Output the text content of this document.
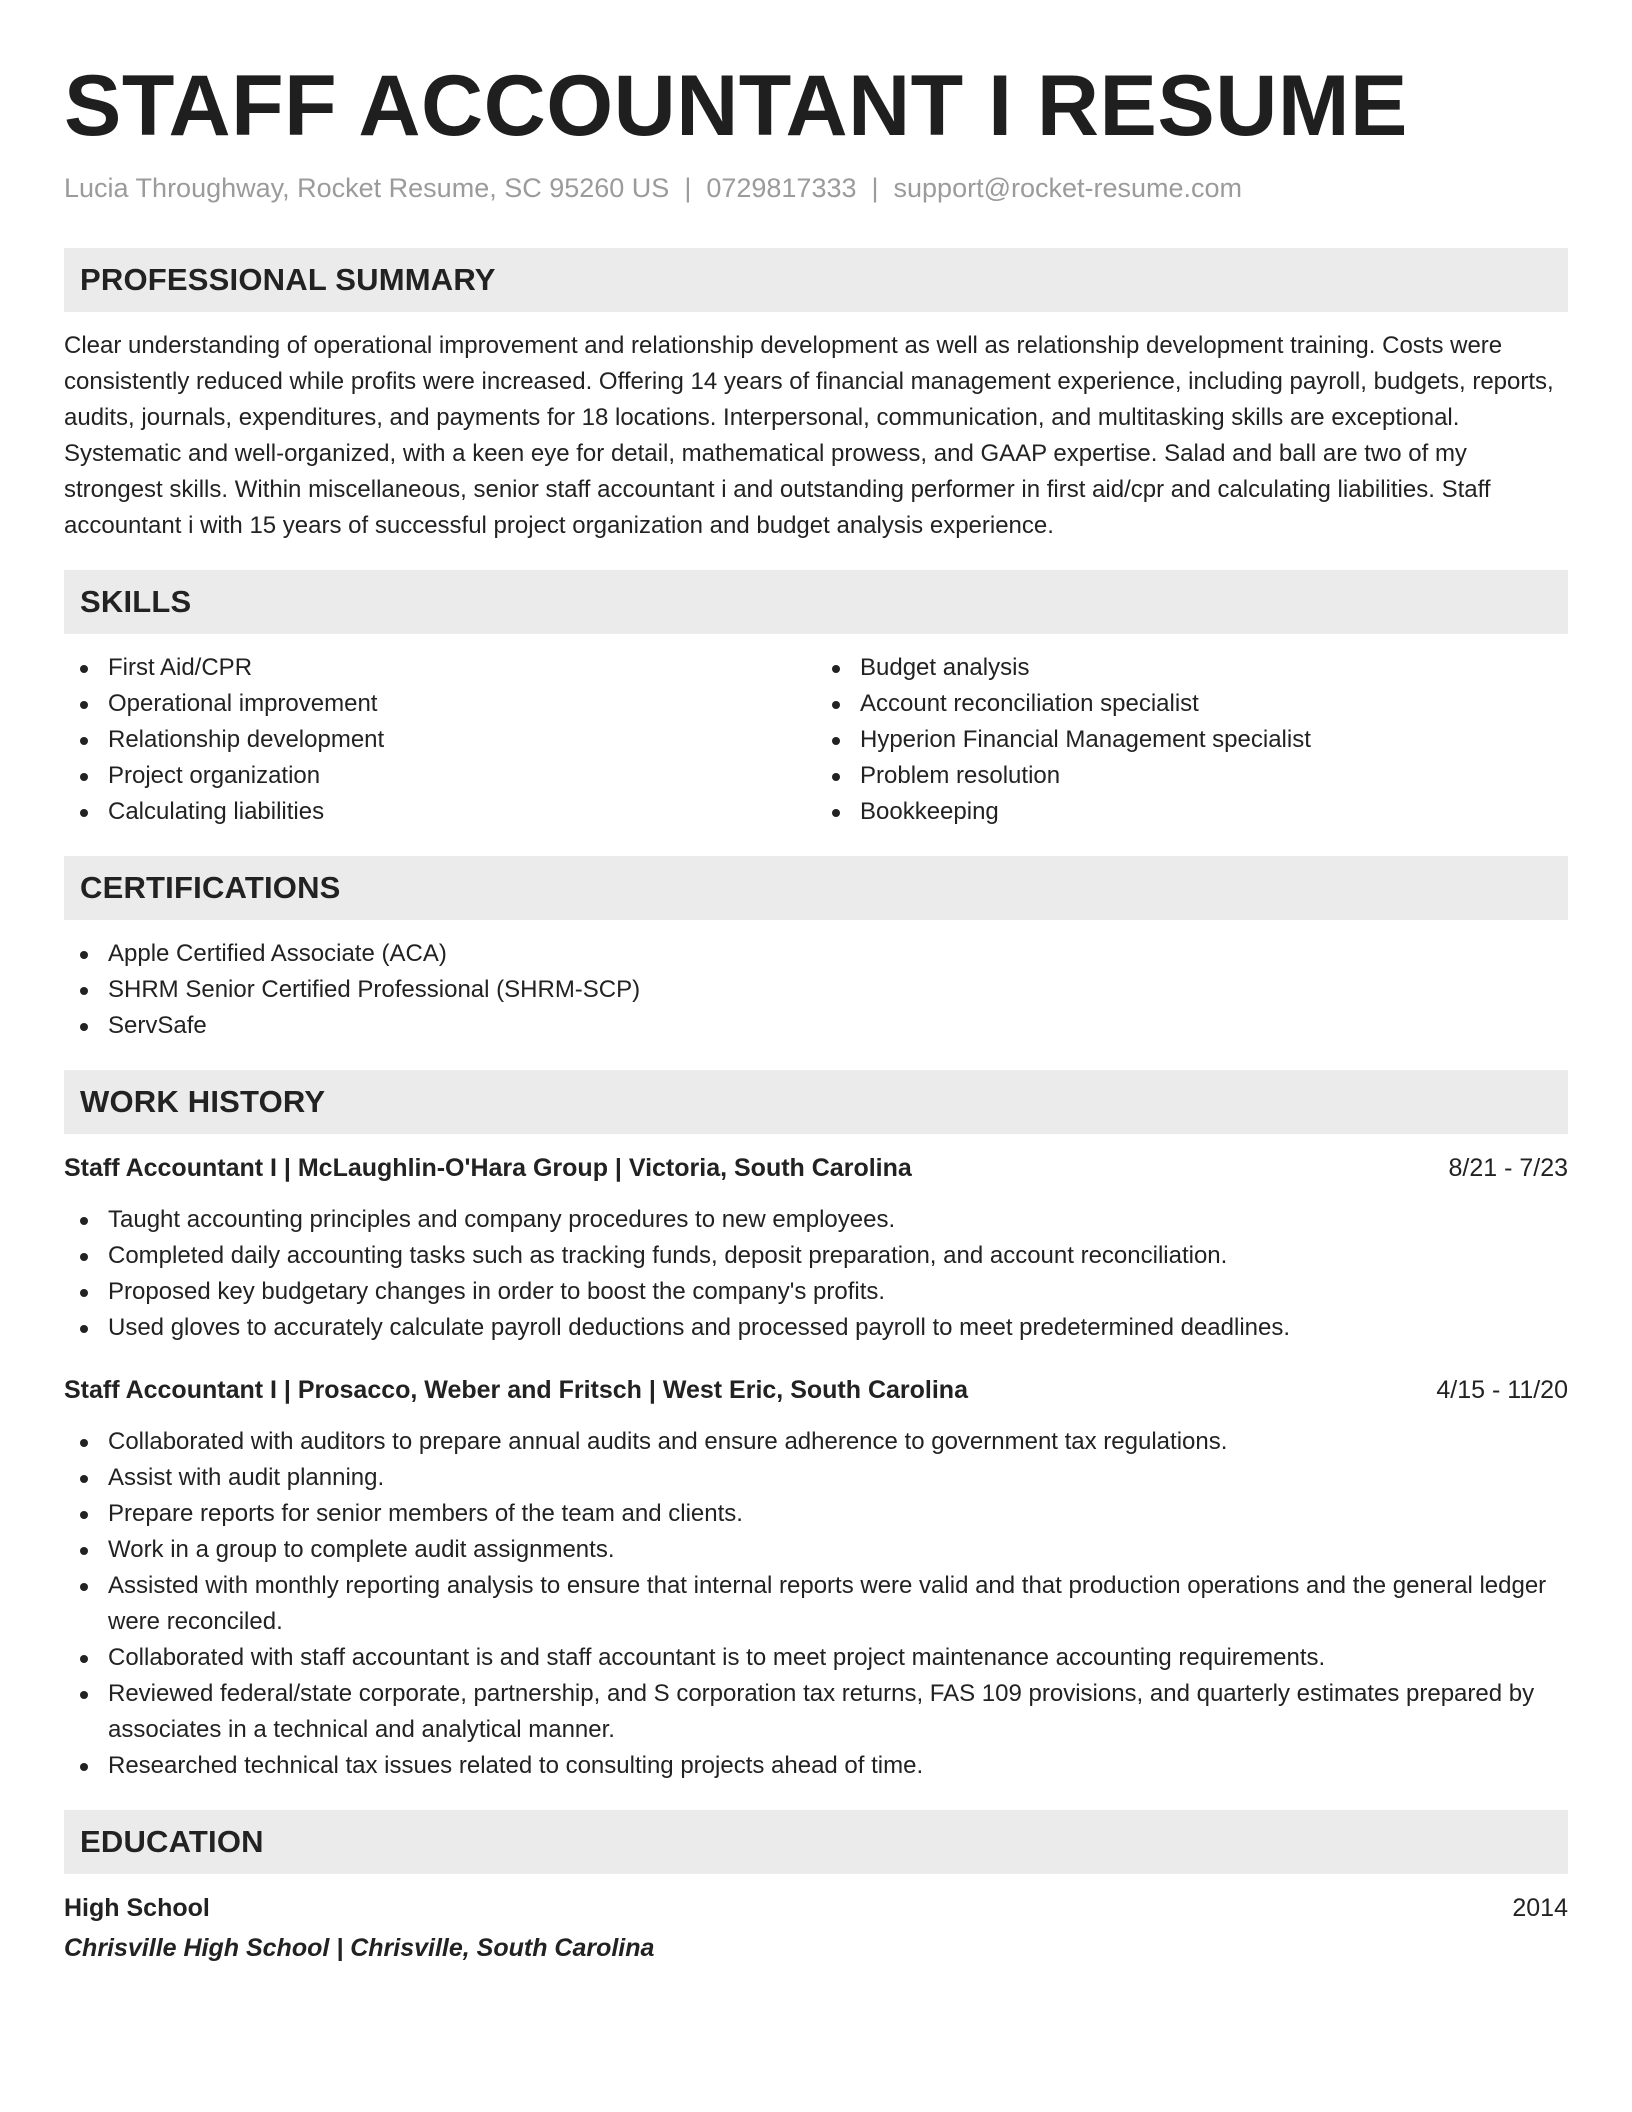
STAFF ACCOUNTANT I RESUME
Lucia Throughway, Rocket Resume, SC 95260 US | 0729817333 | support@rocket-resume.com
PROFESSIONAL SUMMARY

Clear understanding of operational improvement and relationship development as well as relationship development training. Costs were consistently reduced while profits were increased. Offering 14 years of financial management experience, including payroll, budgets, reports, audits, journals, expenditures, and payments for 18 locations. Interpersonal, communication, and multitasking skills are exceptional. Systematic and well-organized, with a keen eye for detail, mathematical prowess, and GAAP expertise. Salad and ball are two of my strongest skills. Within miscellaneous, senior staff accountant i and outstanding performer in first aid/cpr and calculating liabilities. Staff accountant i with 15 years of successful project organization and budget analysis experience.

SKILLS
First Aid/CPR
Operational improvement
Relationship development
Project organization
Calculating liabilities
Budget analysis
Account reconciliation specialist
Hyperion Financial Management specialist
Problem resolution
Bookkeeping
CERTIFICATIONS
Apple Certified Associate (ACA)
SHRM Senior Certified Professional (SHRM-SCP)
ServSafe
WORK HISTORY
Staff Accountant I | McLaughlin-O'Hara Group | Victoria, South Carolina	8/21 - 7/23
Taught accounting principles and company procedures to new employees.
Completed daily accounting tasks such as tracking funds, deposit preparation, and account reconciliation.
Proposed key budgetary changes in order to boost the company's profits.
Used gloves to accurately calculate payroll deductions and processed payroll to meet predetermined deadlines.
Staff Accountant I | Prosacco, Weber and Fritsch | West Eric, South Carolina	4/15 - 11/20
Collaborated with auditors to prepare annual audits and ensure adherence to government tax regulations.
Assist with audit planning.
Prepare reports for senior members of the team and clients.
Work in a group to complete audit assignments.
Assisted with monthly reporting analysis to ensure that internal reports were valid and that production operations and the general ledger were reconciled.
Collaborated with staff accountant is and staff accountant is to meet project maintenance accounting requirements.
Reviewed federal/state corporate, partnership, and S corporation tax returns, FAS 109 provisions, and quarterly estimates prepared by associates in a technical and analytical manner.
Researched technical tax issues related to consulting projects ahead of time.
EDUCATION
High School	2014
Chrisville High School | Chrisville, South Carolina
